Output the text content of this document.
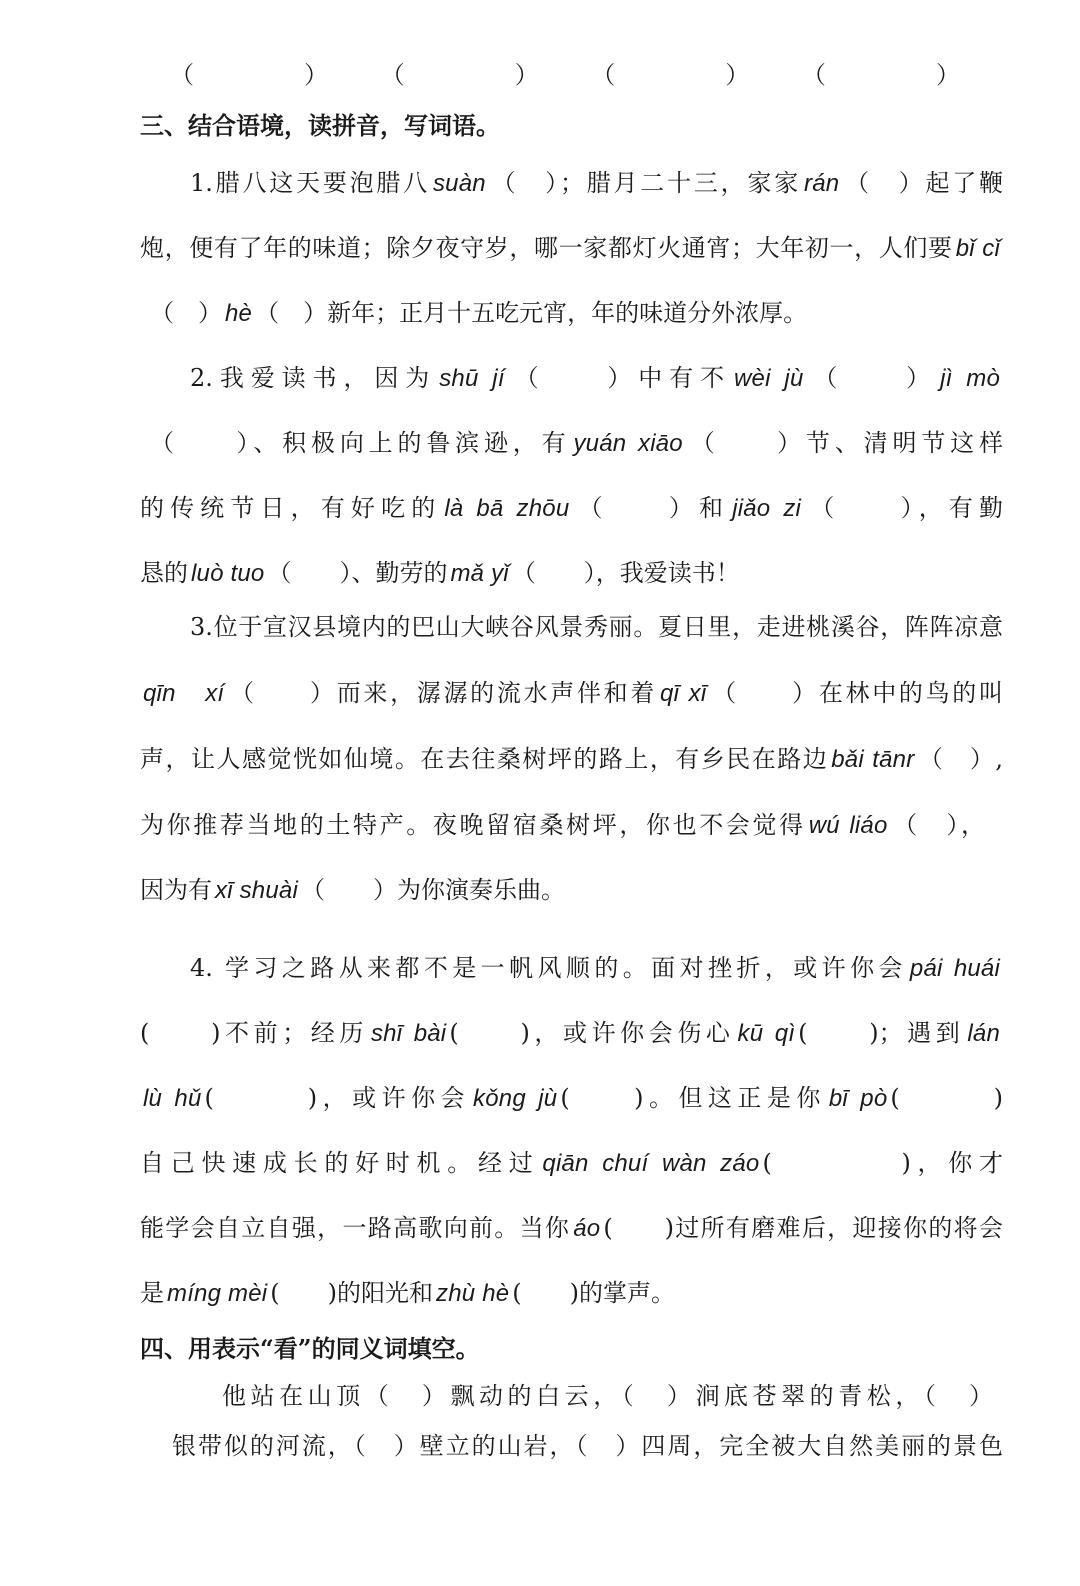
（　　　）　　（　　　）　　（　　　）　　（　　　）
三、结合语境，读拼音，写词语。
1.腊八这天要泡腊八 suàn （　）；腊月二十三，家家 rán （　）起了鞭
炮，便有了年的味道；除夕夜守岁，哪一家都灯火通宵；大年初一，人们要 bǐ cǐ
（　） hè （　）新年；正月十五吃元宵，年的味道分外浓厚。
2.我爱读书，因为 shū jí （　　）中有不 wèi jù （　　） jì mò
（　　）、积极向上的鲁滨逊，有 yuán xiāo （　　）节、清明节这样
的传统节日，有好吃的 là bā zhōu （　　）和 jiǎo zi （　　），有勤
恳的 luò tuo （　　）、勤劳的 mǎ yǐ （　　），我爱读书！
3.位于宣汉县境内的巴山大峡谷风景秀丽。夏日里，走进桃溪谷，阵阵凉意
qīn　xí （　　）而来，潺潺的流水声伴和着 qī xī （　　）在林中的鸟的叫
声，让人感觉恍如仙境。在去往桑树坪的路上，有乡民在路边 bǎi tānr （　）,
为你推荐当地的土特产。夜晚留宿桑树坪，你也不会觉得 wú liáo （　），
因为有 xī shuài （　　）为你演奏乐曲。
4. 学习之路从来都不是一帆风顺的。面对挫折，或许你会 pái huái
(　　)不前；经历 shī bài (　　)，或许你会伤心 kū qì (　　)；遇到 lán
lù hǔ (　　　)，或许你会 kǒng jù (　　)。但这正是你 bī pò (　　　)
自己快速成长的好时机。经过 qiān chuí wàn záo (　　　　)，你才
能学会自立自强，一路高歌向前。当你 áo (　　)过所有磨难后，迎接你的将会
是 míng mèi (　　)的阳光和 zhù hè (　　)的掌声。
四、用表示“看”的同义词填空。
他站在山顶（　）飘动的白云，（　）涧底苍翠的青松，（　）
银带似的河流，（　）壁立的山岩，（　）四周，完全被大自然美丽的景色
